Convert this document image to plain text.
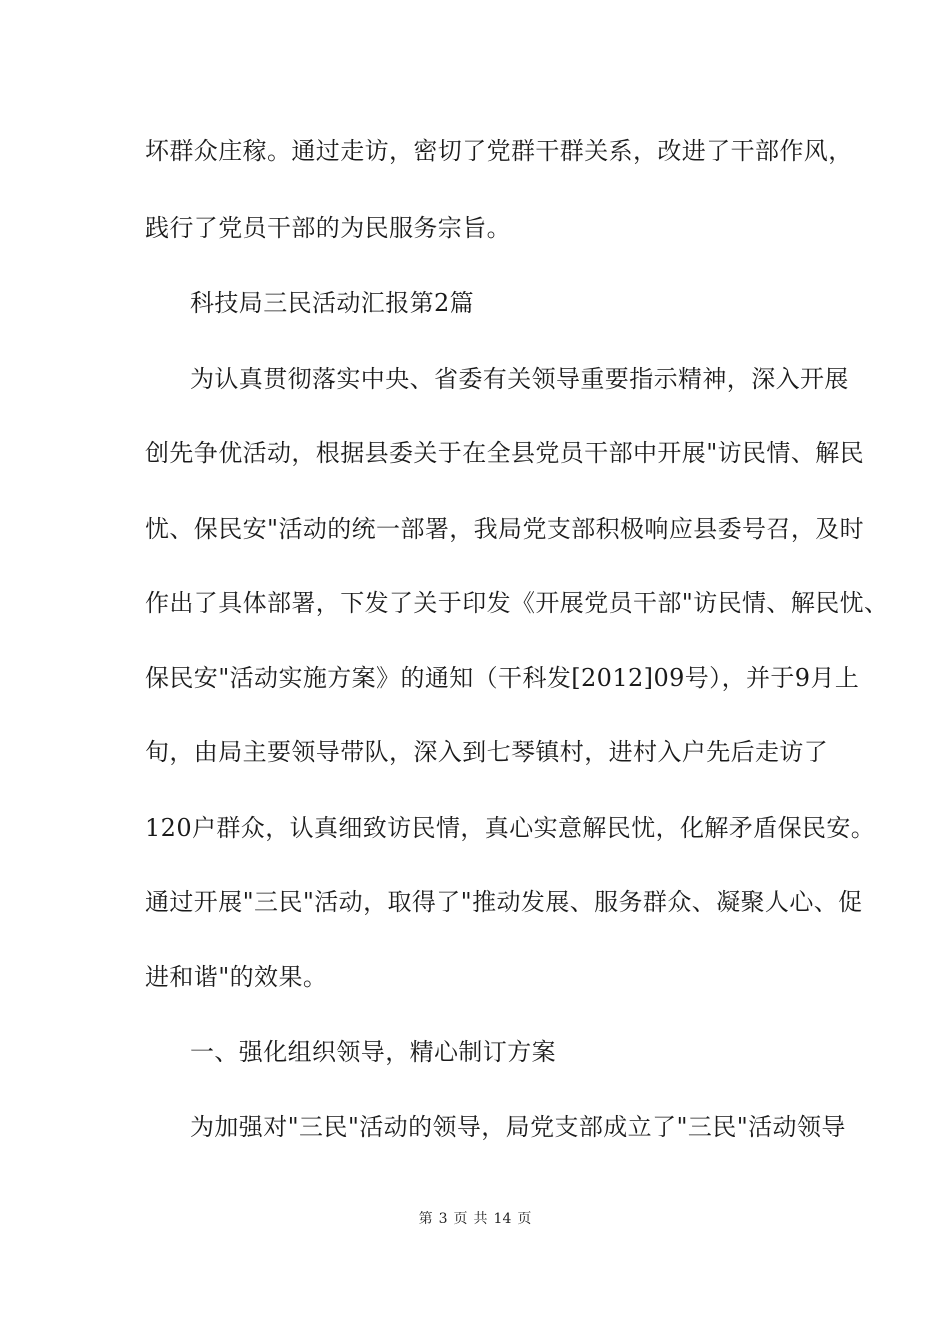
坏群众庄稼。通过走访，密切了党群干群关系，改进了干部作风，
践行了党员干部的为民服务宗旨。
科技局三民活动汇报第2篇
为认真贯彻落实中央、省委有关领导重要指示精神，深入开展
创先争优活动，根据县委关于在全县党员干部中开展"访民情、解民
忧、保民安"活动的统一部署，我局党支部积极响应县委号召，及时
作出了具体部署，下发了关于印发《开展党员干部"访民情、解民忧、
保民安"活动实施方案》的通知（干科发[2012]09号），并于9月上
旬，由局主要领导带队，深入到七琴镇村，进村入户先后走访了
120户群众，认真细致访民情，真心实意解民忧，化解矛盾保民安。
通过开展"三民"活动，取得了"推动发展、服务群众、凝聚人心、促
进和谐"的效果。
一、强化组织领导，精心制订方案
为加强对"三民"活动的领导，局党支部成立了"三民"活动领导
第 3 页 共 14 页
